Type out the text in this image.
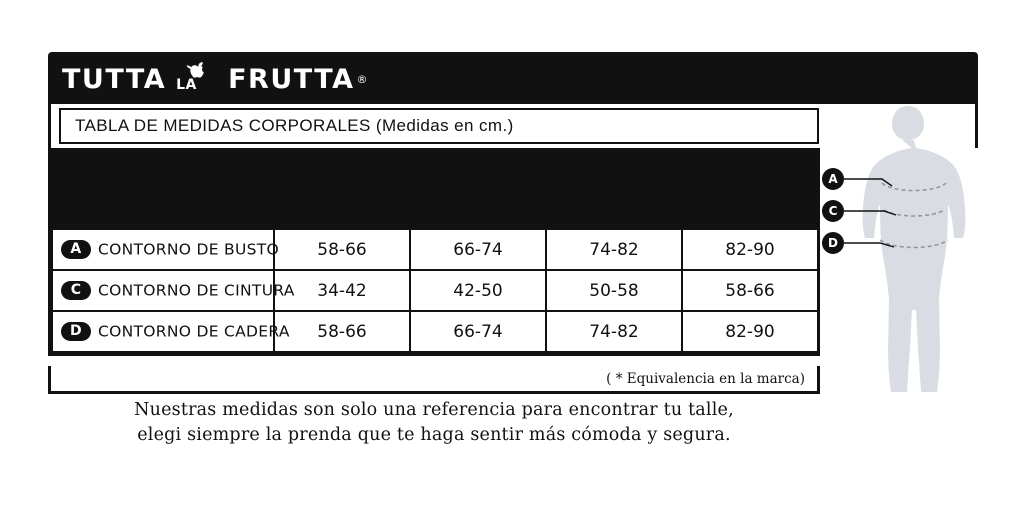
TUTTA LA FRUTTA ®
TABLA DE MEDIDAS CORPORALES (Medidas en cm.)
TALLE*	1	2	3	4
A CONTORNO DE BUSTO	58-66	66-74	74-82	82-90
C CONTORNO DE CINTURA	34-42	42-50	50-58	58-66
D CONTORNO DE CADERA	58-66	66-74	74-82	82-90
( * Equivalencia en la marca)
Nuestras medidas son solo una referencia para encontrar tu talle,
elegi siempre la prenda que te haga sentir más cómoda y segura.
A
C
D
